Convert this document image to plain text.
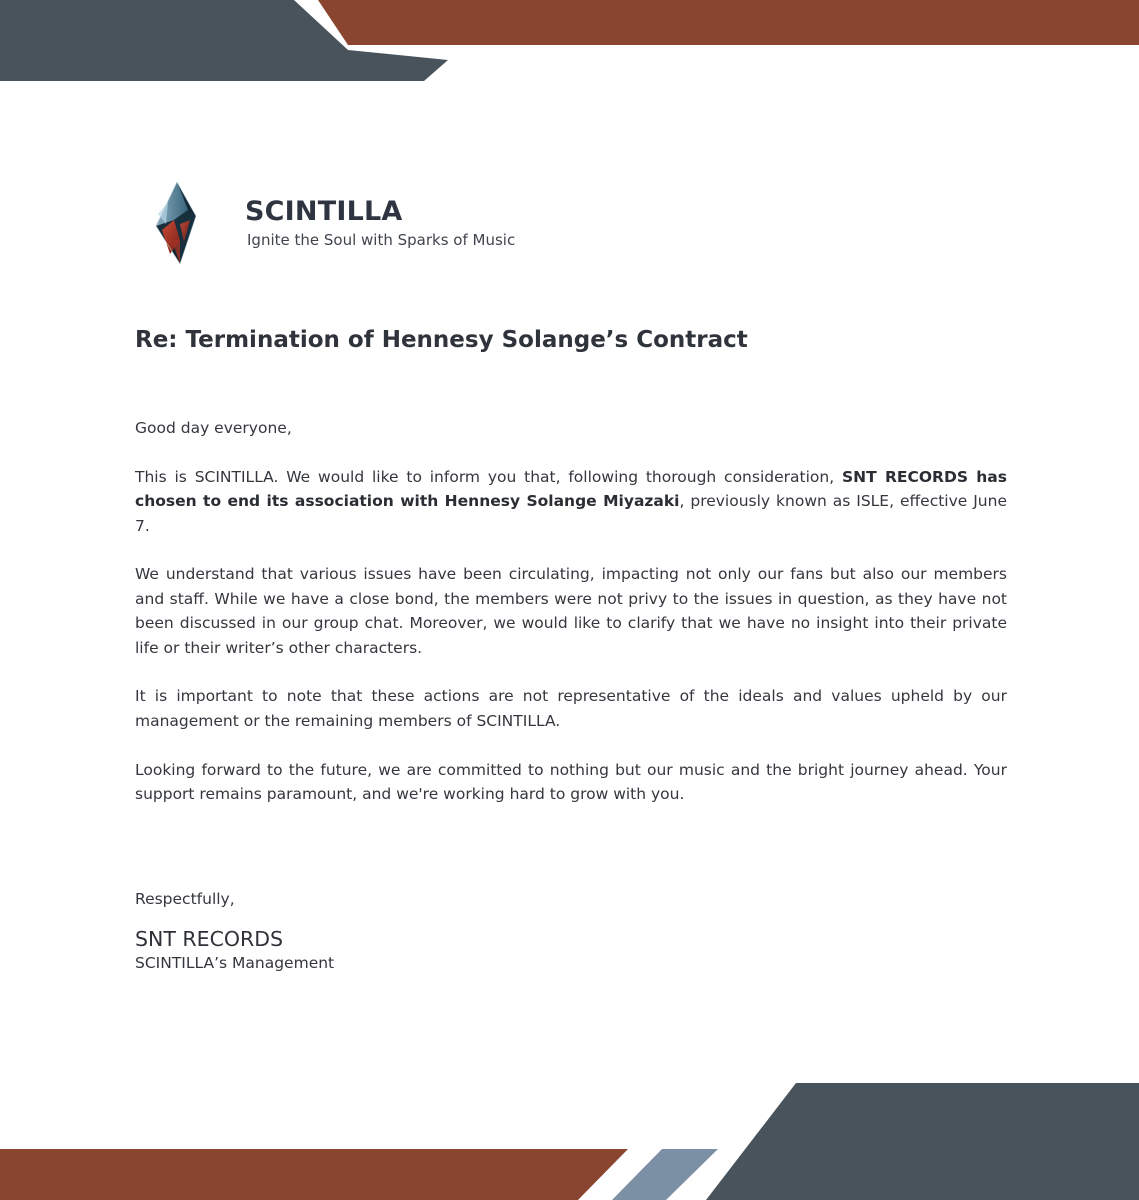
SCINTILLA
Ignite the Soul with Sparks of Music
Re: Termination of Hennesy Solange’s Contract

Good day everyone,

This is SCINTILLA. We would like to inform you that, following thorough consideration, SNT RECORDS has chosen to end its association with Hennesy Solange Miyazaki, previously known as ISLE, effective June 7.

We understand that various issues have been circulating, impacting not only our fans but also our members and staff. While we have a close bond, the members were not privy to the issues in question, as they have not been discussed in our group chat. Moreover, we would like to clarify that we have no insight into their private life or their writer’s other characters.

It is important to note that these actions are not representative of the ideals and values upheld by our management or the remaining members of SCINTILLA.

Looking forward to the future, we are committed to nothing but our music and the bright journey ahead. Your support remains paramount, and we're working hard to grow with you.

Respectfully,
SNT RECORDS
SCINTILLA’s Management
